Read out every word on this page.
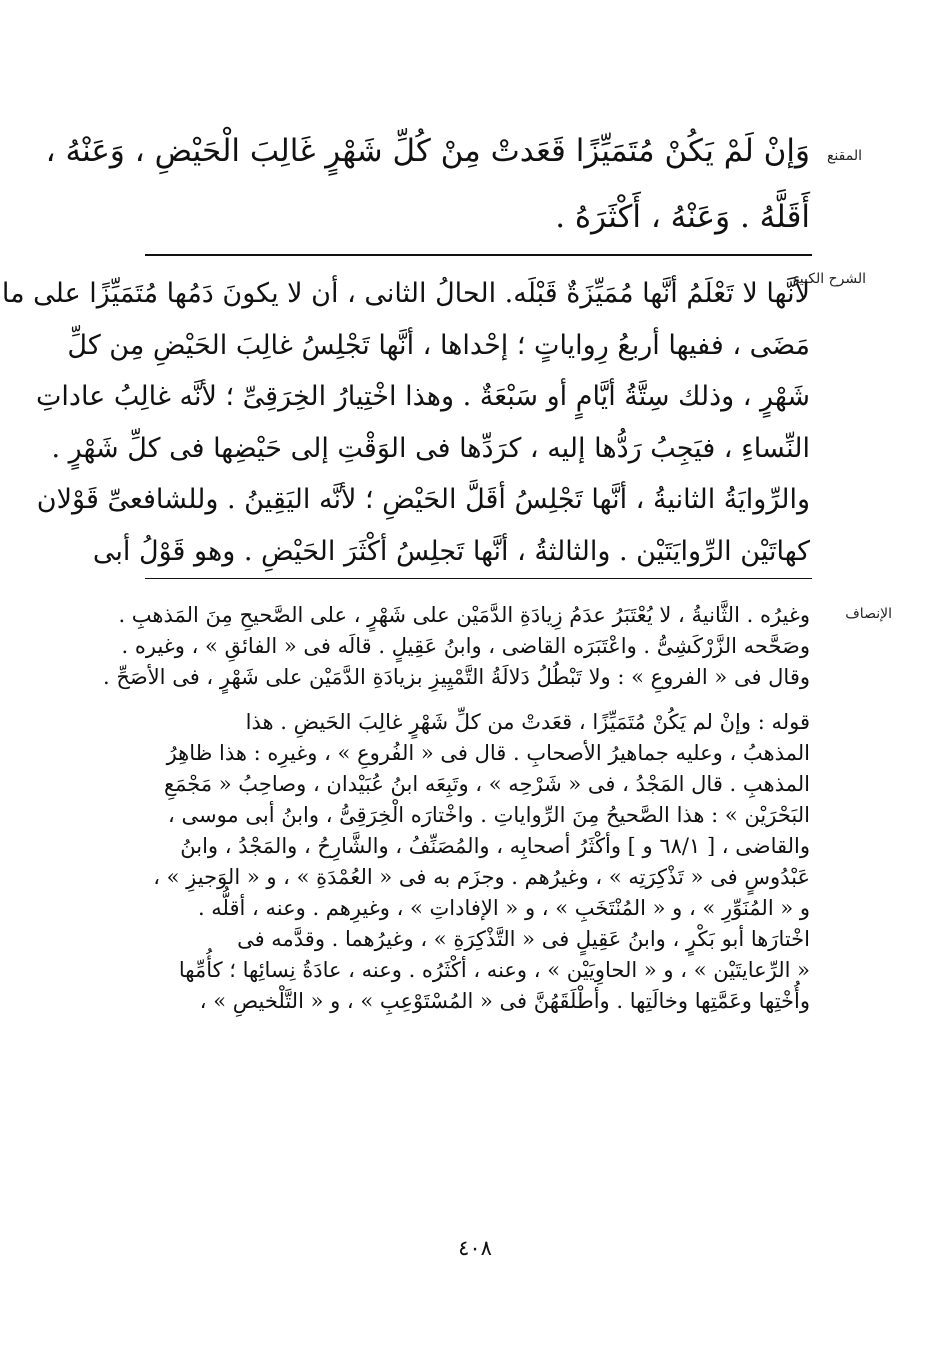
المقنع
وَإنْ لَمْ يَكُنْ مُتَمَيِّزًا قَعَدتْ مِنْ كُلِّ شَهْرٍ غَالِبَ الْحَيْضِ ، وَعَنْهُ ،
أَقَلَّهُ . وَعَنْهُ ، أَكْثَرَهُ .
الشرح الكبير
لأنَّها لا تَعْلَمُ أنَّها مُمَيِّزَةٌ قَبْلَه. الحالُ الثانى ، أن لا يكونَ دَمُها مُتَمَيِّزًا على ما
مَضَى ، ففيها أربعُ رِواياتٍ ؛ إحْداها ، أنَّها تَجْلِسُ غالِبَ الحَيْضِ مِن كلِّ
شَهْرٍ ، وذلك سِتَّةُ أيَّامٍ أو سَبْعَةٌ . وهذا اخْتِيارُ الخِرَقِىِّ ؛ لأنَّه غالِبُ عاداتِ
النِّساءِ ، فيَجِبُ رَدُّها إليه ، كرَدِّها فى الوَقْتِ إلى حَيْضِها فى كلِّ شَهْرٍ .
والرِّوايَةُ الثانيةُ ، أنَّها تَجْلِسُ أقَلَّ الحَيْضِ ؛ لأنَّه اليَقِينُ . وللشافعىِّ قَوْلان
كهاتَيْن الرِّوايَتَيْن . والثالثةُ ، أنَّها تَجلِسُ أكْثَرَ الحَيْضِ . وهو قَوْلُ أبى
الإنصاف
وغيرُه . الثَّانيةُ ، لا يُعْتَبَرُ عدَمُ زِيادَةِ الدَّمَيْن على شَهْرٍ ، على الصَّحيحِ مِنَ المَذهبِ .
وصَحَّحه الزَّرْكَشِىُّ . واعْتَبَرَه القاضى ، وابنُ عَقِيلٍ . قالَه فى « الفائقِ » ، وغيره .
وقال فى « الفروعِ » : ولا تَبْطُلُ دَلالَةُ التَّمْيِيزِ بزيادَةِ الدَّمَيْن على شَهْرٍ ، فى الأصَحِّ .
قوله : وإنْ لم يَكُنْ مُتَمَيِّزًا ، قعَدتْ من كلِّ شَهْرٍ غالِبَ الحَيضِ . هذا
المذهبُ ، وعليه جماهيرُ الأصحابِ . قال فى « الفُروعِ » ، وغيرِه : هذا ظاهِرُ
المذهبِ . قال المَجْدُ ، فى « شَرْحِه » ، وتَبِعَه ابنُ عُبَيْدان ، وصاحِبُ « مَجْمَعِ
البَحْرَيْن » : هذا الصَّحيحُ مِنَ الرِّواياتِ . واخْتارَه الْخِرَقِىُّ ، وابنُ أبى موسى ،
والقاضى ، [ ٦٨/١ و ] وأكْثَرُ أصحابِه ، والمُصَنِّفُ ، والشَّارِحُ ، والمَجْدُ ، وابنُ
عَبْدُوسٍ فى « تَذْكِرَتِه » ، وغيرُهم . وجزَم به فى « العُمْدَةِ » ، و « الوَجيزِ » ،
و « المُنَوِّرِ » ، و « المُنْتَخَبِ » ، و « الإفاداتِ » ، وغيرِهم . وعنه ، أقلُّه .
اخْتارَها أبو بَكْرٍ ، وابنُ عَقِيلٍ فى « التَّذْكِرَةِ » ، وغيرُهما . وقدَّمه فى
« الرِّعايتَيْن » ، و « الحاوِيَيْن » ، وعنه ، أكْثَرُه . وعنه ، عادَةُ نِسائِها ؛ كأُمِّها
وأُخْتِها وعَمَّتِها وخالَتِها . وأطْلَقَهُنَّ فى « المُسْتَوْعِبِ » ، و « التَّلْخيصِ » ،
٤٠٨
